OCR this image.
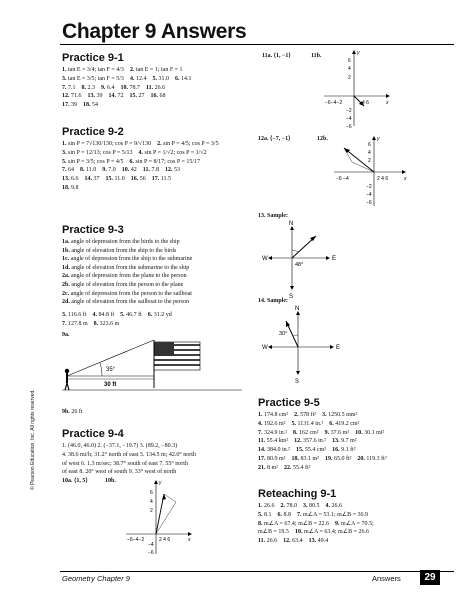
Chapter 9 Answers
Practice 9-1
1. tan E = 3/4; tan F = 4/3 2. tan E = 1; tan F = 1
3. tan E = 3/5; tan F = 5/3 4. 12.4 5. 31.0 6. 14.1
7. 7.1 8. 2.3 9. 6.4 10. 78.7 11. 26.6
12. 71.6 13. 39 14. 72 15. 27 16. 68
17. 39 18. 54
Practice 9-2
1. sin P = 7√130/130; cos P = 9/√130 2. sin P = 4/5; cos P = 3/5
3. sin P = 12/13; cos P = 5/13 4. sin P = 1/√2; cos P = 1/√2
5. sin P = 3/5; cos P = 4/5 6. sin P = 8/17; cos P = 15/17
7. 64 8. 11.0 9. 7.0 10. 42 11. 7.8 12. 53
13. 6.6 14. 37 15. 11.0 16. 56 17. 11.5
18. 9.8
Practice 9-3
1a. angle of depression from the birds to the ship
1b. angle of elevation from the ship to the birds
1c. angle of depression from the ship to the submarine
1d. angle of elevation from the submarine to the ship
2a. angle of depression from the plane to the person
2b. angle of elevation from the person to the plane
2c. angle of depression from the person to the sailboat
2d. angle of elevation from the sailboat to the person
3. 116.6 ft 4. 84.8 ft 5. 46.7 ft 6. 31.2 yd
7. 127.8 m 8. 323.6 m
9a.
35°
30 ft
9b. 26 ft
Practice 9-4
1. (46.0, 46.0) 2. (−37.1, −19.7) 3. (89.2, −80.3)
4. 38.6 mi/h; 31.2° north of east 5. 134.5 m; 42.0° north
of west 6. 1.3 m/sec; 38.7° south of east 7. 55° north
of east 8. 20° west of south 9. 33° west of north
10a. ⟨1, 5⟩	10b.
6
4
2
−6−4−2	2 4 6	x
y
−4
−6
11a. ⟨1, −1⟩	11b.
6
4
2
−6−4−2	4 6	x
y
−2
−4
−6
12a. ⟨−7, −1⟩	12b.
6
4
2
−6 −4	2 4 6	x
y
−2
−4
−6
13. Sample:
N
S
W	E
48°
14. Sample:
N
S
W	E
30°
Practice 9-5
1. 174.8 cm² 2. 578 ft² 3. 1250.5 mm²
4. 192.6 m² 5. 1131.4 in.² 6. 419.2 cm²
7. 324.9 in.² 8. 162 cm² 9. 37.6 m² 10. 30.1 mi²
11. 55.4 km² 12. 357.6 in.² 13. 9.7 m²
14. 384.0 in.² 15. 55.4 cm² 16. 9.1 ft²
17. 80.9 m² 18. 83.1 m² 19. 65.0 ft² 20. 119.3 ft²
21. 8 m² 22. 55.4 ft²
Reteaching 9-1
1. 26.6 2. 78.0 3. 80.5 4. 26.6
5. 8.1 6. 8.8 7. m∠A = 53.1; m∠B = 36.9
8. m∠A = 67.4; m∠B = 22.6 9. m∠A = 70.5;
m∠B = 19.5 10. m∠A = 63.4; m∠B = 26.6
11. 26.6 12. 63.4 13. 49.4
© Pearson Education, Inc. All rights reserved.
Geometry Chapter 9	Answers	29
